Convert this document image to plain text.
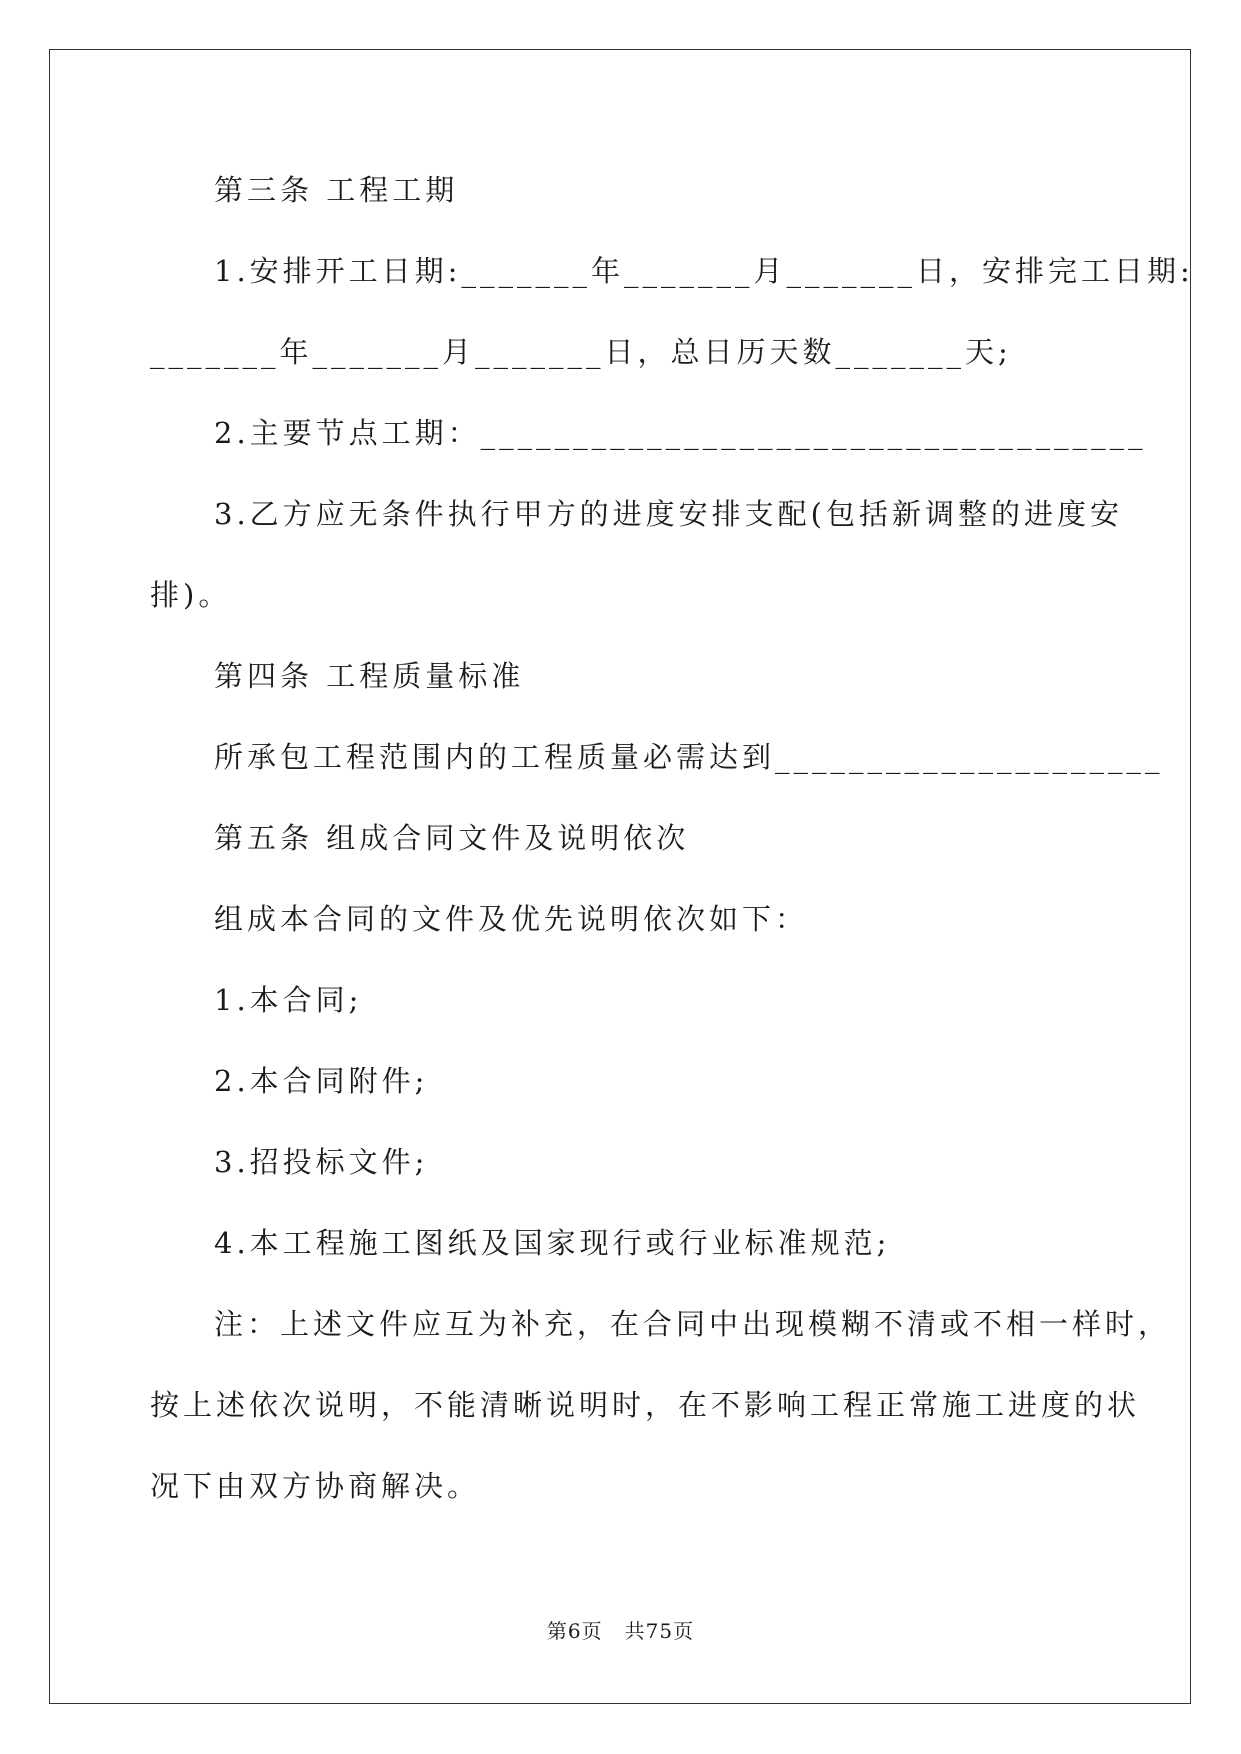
第三条 工程工期
1.安排开工日期:_______年_______月_______日，安排完工日期:
_______年_______月_______日，总日历天数_______天;
2.主要节点工期：____________________________________
3.乙方应无条件执行甲方的进度安排支配(包括新调整的进度安
排)。
第四条 工程质量标准
所承包工程范围内的工程质量必需达到_____________________
第五条 组成合同文件及说明依次
组成本合同的文件及优先说明依次如下：
1.本合同;
2.本合同附件;
3.招投标文件;
4.本工程施工图纸及国家现行或行业标准规范;
注：上述文件应互为补充，在合同中出现模糊不清或不相一样时，
按上述依次说明，不能清晰说明时，在不影响工程正常施工进度的状
况下由双方协商解决。
第6页 共75页
